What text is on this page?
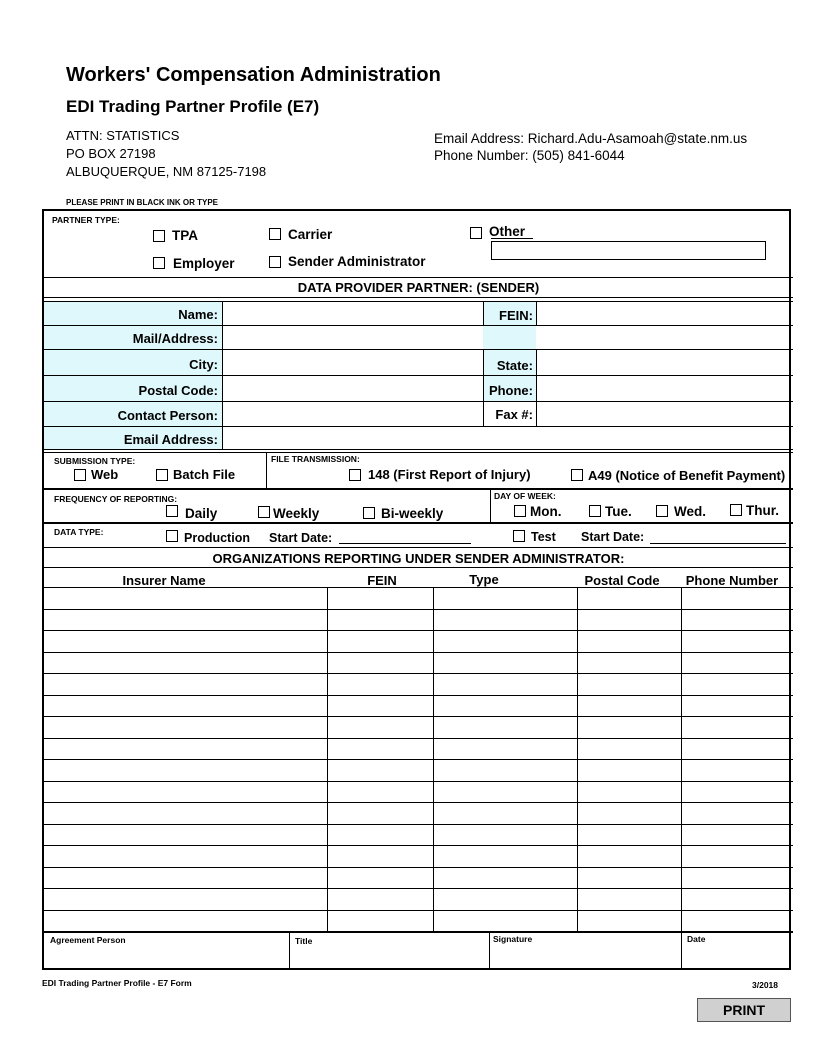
Workers' Compensation Administration
EDI Trading Partner Profile (E7)
ATTN: STATISTICS
PO BOX 27198
ALBUQUERQUE, NM 87125-7198
Email Address: Richard.Adu-Asamoah@state.nm.us
Phone Number: (505) 841-6044
PLEASE PRINT IN BLACK INK OR TYPE
PARTNER TYPE:
TPA	Carrier	Other
Employer	Sender Administrator
DATA PROVIDER PARTNER: (SENDER)
Name:	FEIN:
Mail/Address:
City:	State:
Postal Code:	Phone:
Contact Person:	Fax #:
Email Address:
SUBMISSION TYPE:
Web	Batch File
FILE TRANSMISSION:
148 (First Report of Injury)	A49 (Notice of Benefit Payment)
FREQUENCY OF REPORTING:
Daily	Weekly	Bi-weekly
DAY OF WEEK:
Mon.	Tue.	Wed.	Thur.
DATA TYPE:	Production Start Date:	Test Start Date:
ORGANIZATIONS REPORTING UNDER SENDER ADMINISTRATOR:
Insurer Name	FEIN	Type	Postal Code	Phone Number
Agreement Person	Title	Signature	Date
EDI Trading Partner Profile - E7 Form	3/2018
PRINT
